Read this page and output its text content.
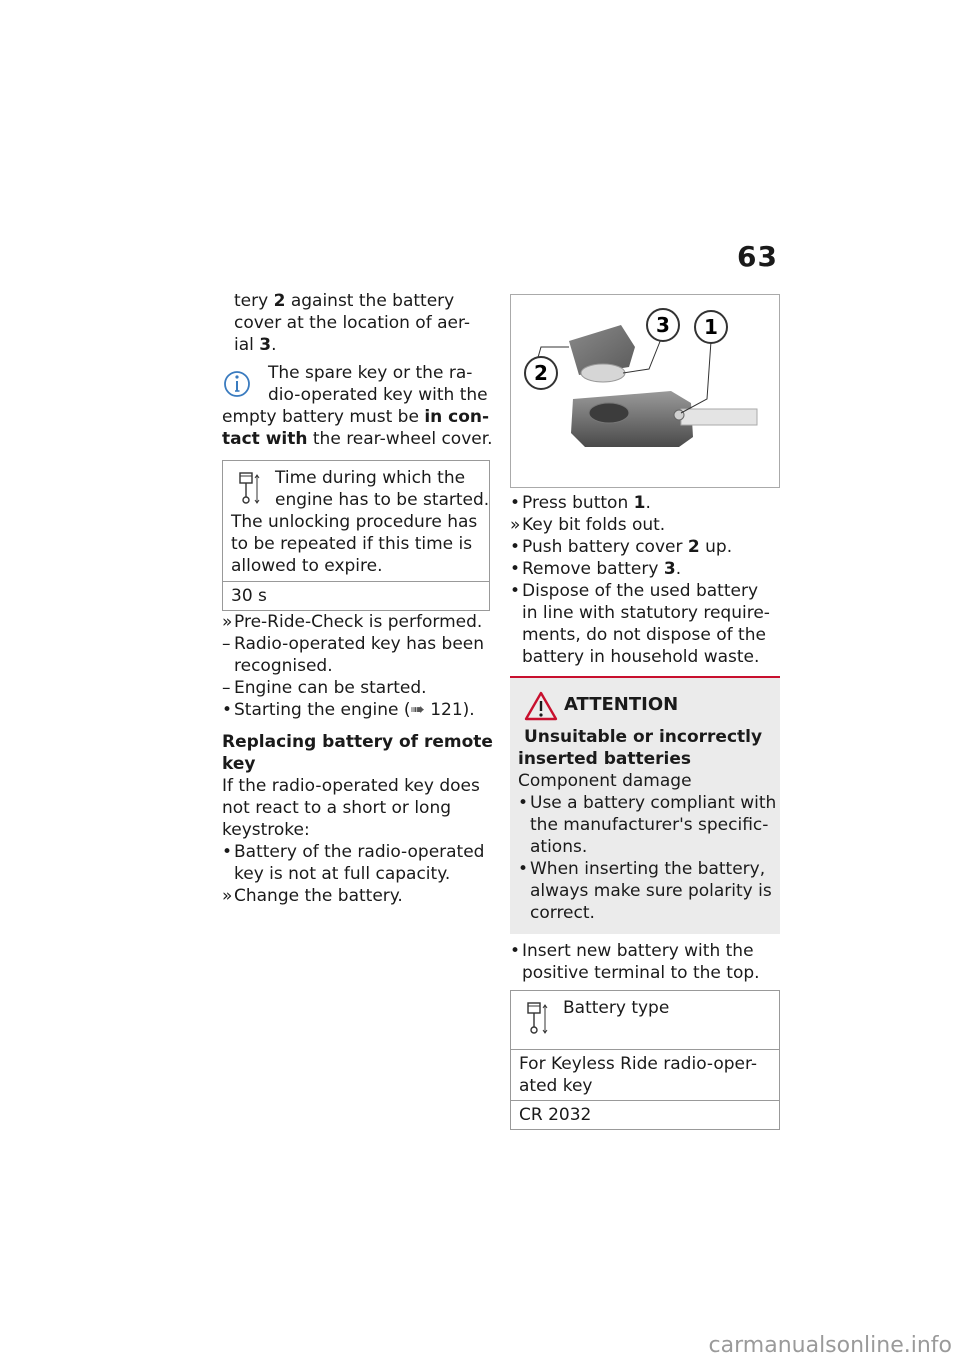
63
tery 2 against the battery
cover at the location of aer-
ial 3.
The spare key or the ra-
dio-operated key with the
empty battery must be in con-
tact with the rear-wheel cover.
Time during which the
engine has to be started.
The unlocking procedure has
to be repeated if this time is
allowed to expire.
30 s
» Pre-Ride-Check is performed.
– Radio-operated key has been
recognised.
– Engine can be started.
• Starting the engine (➠ 121).
Replacing battery of remote
key
If the radio-operated key does
not react to a short or long
keystroke:
• Battery of the radio-operated
key is not at full capacity.
» Change the battery.
2
3 1
• Press button 1.
» Key bit folds out.
• Push battery cover 2 up.
• Remove battery 3.
• Dispose of the used battery
in line with statutory require-
ments, do not dispose of the
battery in household waste.
ATTENTION
Unsuitable or incorrectly
inserted batteries
Component damage
• Use a battery compliant with
the manufacturer's specific-
ations.
• When inserting the battery,
always make sure polarity is
correct.
• Insert new battery with the
positive terminal to the top.
Battery type
For Keyless Ride radio-oper-
ated key
CR 2032
carmanualsonline.info
